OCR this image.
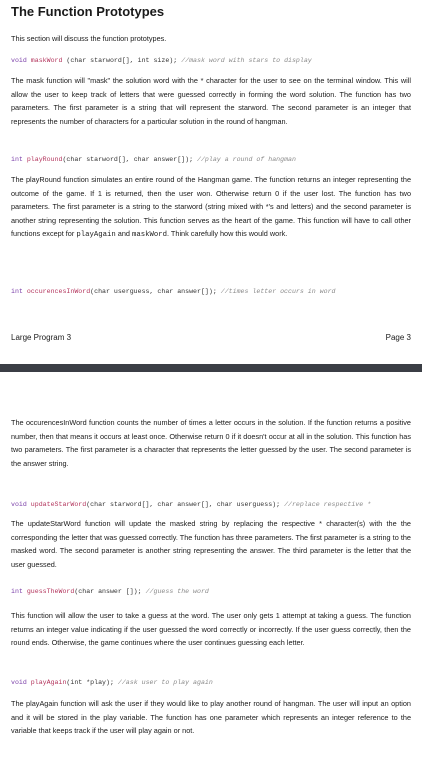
The Function Prototypes
This section will discuss the function prototypes.
void maskWord (char starword[], int size); //mask word with stars to display
The mask function will "mask" the solution word with the * character for the user to see on the terminal window. This will allow the user to keep track of letters that were guessed correctly in forming the word solution. The function has two parameters. The first parameter is a string that will represent the starword. The second parameter is an integer that represents the number of characters for a particular solution in the round of hangman.
int playRound(char starword[], char answer[]); //play a round of hangman
The playRound function simulates an entire round of the Hangman game. The function returns an integer representing the outcome of the game. If 1 is returned, then the user won. Otherwise return 0 if the user lost. The function has two parameters. The first parameter is a string to the starword (string mixed with *'s and letters) and the second parameter is another string representing the solution. This function serves as the heart of the game. This function will have to call other functions except for playAgain and maskWord. Think carefully how this would work.
int occurencesInWord(char userguess, char answer[]); //times letter occurs in word
Large Program 3	Page 3
The occurencesInWord function counts the number of times a letter occurs in the solution. If the function returns a positive number, then that means it occurs at least once. Otherwise return 0 if it doesn't occur at all in the solution. This function has two parameters. The first parameter is a character that represents the letter guessed by the user. The second parameter is the answer string.
void updateStarWord(char starword[], char answer[], char userguess); //replace respective *
The updateStarWord function will update the masked string by replacing the respective * character(s) with the the corresponding the letter that was guessed correctly. The function has three parameters. The first parameter is a string to the masked word. The second parameter is another string representing the answer. The third parameter is the letter that the user guessed.
int guessTheWord(char answer []); //guess the word
This function will allow the user to take a guess at the word. The user only gets 1 attempt at taking a guess. The function returns an integer value indicating if the user guessed the word correctly or incorrectly. If the user guess correctly, then the round ends. Otherwise, the game continues where the user continues guessing each letter.
void playAgain(int *play); //ask user to play again
The playAgain function will ask the user if they would like to play another round of hangman. The user will input an option and it will be stored in the play variable. The function has one parameter which represents an integer reference to the variable that keeps track if the user will play again or not.
